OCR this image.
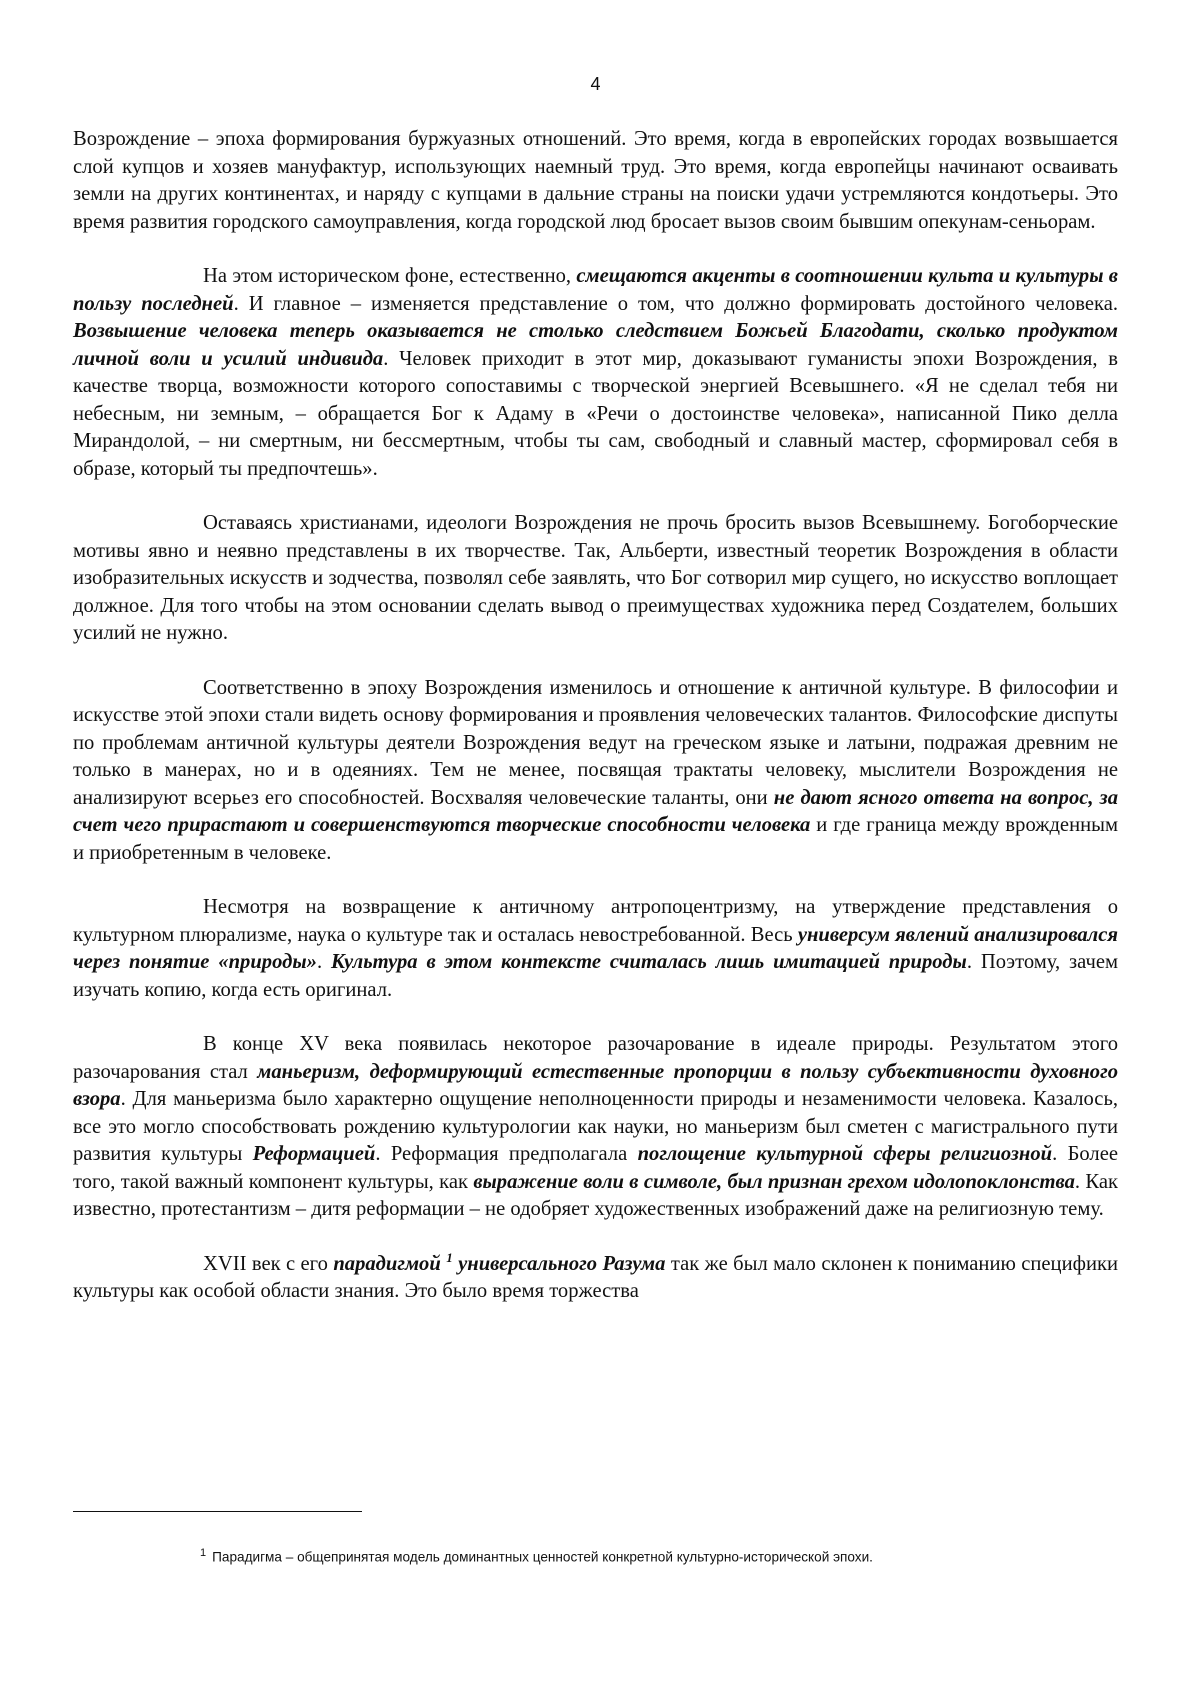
4

Возрождение – эпоха формирования буржуазных отношений. Это время, когда в европейских городах возвышается слой купцов и хозяев мануфактур, использующих наемный труд. Это время, когда европейцы начинают осваивать земли на других континентах, и наряду с купцами в дальние страны на поиски удачи устремляются кондотьеры. Это время развития городского самоуправления, когда городской люд бросает вызов своим бывшим опекунам-сеньорам.

На этом историческом фоне, естественно, смещаются акценты в соотношении культа и культуры в пользу последней. И главное – изменяется представление о том, что должно формировать достойного человека. Возвышение человека теперь оказывается не столько следствием Божьей Благодати, сколько продуктом личной воли и усилий индивида. Человек приходит в этот мир, доказывают гуманисты эпохи Возрождения, в качестве творца, возможности которого сопоставимы с творческой энергией Всевышнего. «Я не сделал тебя ни небесным, ни земным, – обращается Бог к Адаму в «Речи о достоинстве человека», написанной Пико делла Мирандолой, – ни смертным, ни бессмертным, чтобы ты сам, свободный и славный мастер, сформировал себя в образе, который ты предпочтешь».

Оставаясь христианами, идеологи Возрождения не прочь бросить вызов Всевышнему. Богоборческие мотивы явно и неявно представлены в их творчестве. Так, Альберти, известный теоретик Возрождения в области изобразительных искусств и зодчества, позволял себе заявлять, что Бог сотворил мир сущего, но искусство воплощает должное. Для того чтобы на этом основании сделать вывод о преимуществах художника перед Создателем, больших усилий не нужно.

Соответственно в эпоху Возрождения изменилось и отношение к античной культуре. В философии и искусстве этой эпохи стали видеть основу формирования и проявления человеческих талантов. Философские диспуты по проблемам античной культуры деятели Возрождения ведут на греческом языке и латыни, подражая древним не только в манерах, но и в одеяниях. Тем не менее, посвящая трактаты человеку, мыслители Возрождения не анализируют всерьез его способностей. Восхваляя человеческие таланты, они не дают ясного ответа на вопрос, за счет чего прирастают и совершенствуются творческие способности человека и где граница между врожденным и приобретенным в человеке.

Несмотря на возвращение к античному антропоцентризму, на утверждение представления о культурном плюрализме, наука о культуре так и осталась невостребованной. Весь универсум явлений анализировался через понятие «природы». Культура в этом контексте считалась лишь имитацией природы. Поэтому, зачем изучать копию, когда есть оригинал.

В конце XV века появилась некоторое разочарование в идеале природы. Результатом этого разочарования стал маньеризм, деформирующий естественные пропорции в пользу субъективности духовного взора. Для маньеризма было характерно ощущение неполноценности природы и незаменимости человека. Казалось, все это могло способствовать рождению культурологии как науки, но маньеризм был сметен с магистрального пути развития культуры Реформацией. Реформация предполагала поглощение культурной сферы религиозной. Более того, такой важный компонент культуры, как выражение воли в символе, был признан грехом идолопоклонства. Как известно, протестантизм – дитя реформации – не одобряет художественных изображений даже на религиозную тему.

XVII век с его парадигмой $^1$ универсального Разума так же был мало склонен к пониманию специфики культуры как особой области знания. Это было время торжества

$^1$ Парадигма – общепринятая модель доминантных ценностей конкретной культурно-исторической эпохи.
